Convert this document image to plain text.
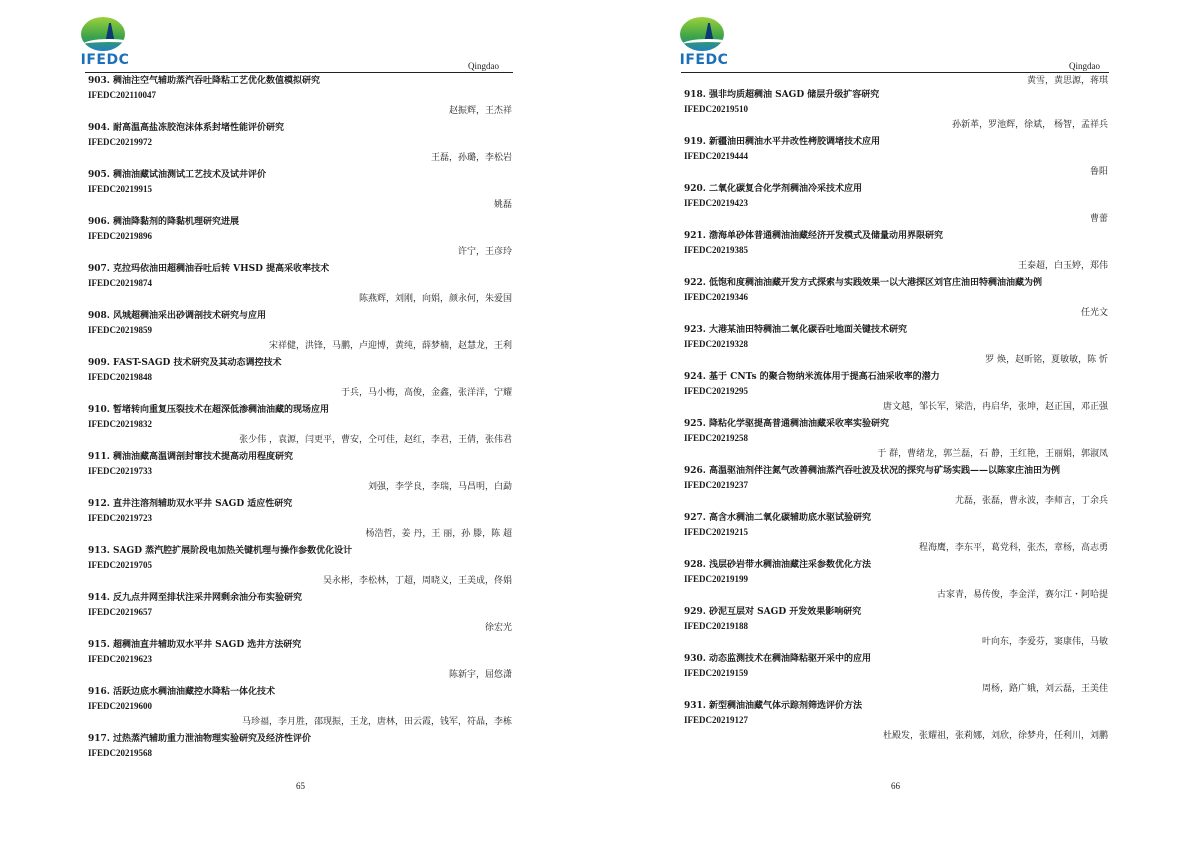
IFEDC	Qingdao
903. 稠油注空气辅助蒸汽吞吐降粘工艺优化数值模拟研究
IFEDC202110047
赵振辉，王杰祥
904. 耐高温高盐冻胶泡沫体系封堵性能评价研究
IFEDC20219972
王磊，孙璐，李松岩
905. 稠油油藏试油测试工艺技术及试井评价
IFEDC20219915
姚磊
906. 稠油降黏剂的降黏机理研究进展
IFEDC20219896
许宁，王彦玲
907. 克拉玛依油田超稠油吞吐后转 VHSD 提高采收率技术
IFEDC20219874
陈燕辉，刘刚，向娟，颜永何，朱爱国
908. 风城超稠油采出砂调剖技术研究与应用
IFEDC20219859
宋祥健，洪锋，马鹏，卢迎博，黄纯，薛梦楠，赵慧龙，王利
909. FAST-SAGD 技术研究及其动态调控技术
IFEDC20219848
于兵，马小梅，高俊，金鑫，张洋洋，宁耀
910. 暂堵转向重复压裂技术在超深低渗稠油油藏的现场应用
IFEDC20219832
张少伟 ，袁源，闫更平，曹安，仝可佳，赵红，李君，王倩，张伟君
911. 稠油油藏高温调剖封窜技术提高动用程度研究
IFEDC20219733
刘强，李学良，李瑞，马昌明，白勐
912. 直井注溶剂辅助双水平井 SAGD 适应性研究
IFEDC20219723
杨浩哲，姜 丹，王 丽，孙 滕，陈 超
913. SAGD 蒸汽腔扩展阶段电加热关键机理与操作参数优化设计
IFEDC20219705
吴永彬，李松林，丁超，周晓义，王美成，佟娟
914. 反九点井网至排状注采井网剩余油分布实验研究
IFEDC20219657
徐宏光
915. 超稠油直井辅助双水平井 SAGD 选井方法研究
IFEDC20219623
陈新宇，屈悠潇
916. 活跃边底水稠油油藏控水降粘一体化技术
IFEDC20219600
马珍福，李月胜，邵现振，王龙，唐林，田云霞，钱军，符晶，李栋
917. 过热蒸汽辅助重力泄油物理实验研究及经济性评价
IFEDC20219568
65
IFEDC	Qingdao
黄雪，黄思源，蒋琪
918. 强非均质超稠油 SAGD 储层升级扩容研究
IFEDC20219510
孙新革，罗池辉，徐斌， 杨智，孟祥兵
919. 新疆油田稠油水平井改性栲胶调堵技术应用
IFEDC20219444
鲁阳
920. 二氧化碳复合化学剂稠油冷采技术应用
IFEDC20219423
曹蕾
921. 渤海单砂体普通稠油油藏经济开发模式及储量动用界限研究
IFEDC20219385
王泰超，白玉婷，郑伟
922. 低饱和度稠油油藏开发方式探索与实践效果一以大港探区刘官庄油田特稠油油藏为例
IFEDC20219346
任光文
923. 大港某油田特稠油二氧化碳吞吐地面关键技术研究
IFEDC20219328
罗 焕，赵昕铭，夏敏敏，陈 忻
924. 基于 CNTs 的聚合物纳米流体用于提高石油采收率的潜力
IFEDC20219295
唐文越，邹长军，梁浩，冉启华，张坤，赵正国，邓正强
925. 降粘化学驱提高普通稠油油藏采收率实验研究
IFEDC20219258
于 群，曹绪龙，郭兰磊，石 静，王红艳，王丽娟，郭淑凤
926. 高温驱油剂伴注氮气改善稠油蒸汽吞吐波及状况的探究与矿场实践——以陈家庄油田为例
IFEDC20219237
尤磊，张磊，曹永波，李师言，丁余兵
927. 高含水稠油二氧化碳辅助底水驱试验研究
IFEDC20219215
程海鹰，李东平，葛党科，张杰，章杨，高志勇
928. 浅层砂岩带水稠油油藏注采参数优化方法
IFEDC20219199
古家青，易传俊，李金洋，赛尔江・阿哈提
929. 砂泥互层对 SAGD 开发效果影响研究
IFEDC20219188
叶向东，李爱芬，窦康伟，马敏
930. 动态监测技术在稠油降粘驱开采中的应用
IFEDC20219159
周杨，路广娥，刘云磊，王美佳
931. 新型稠油油藏气体示踪剂筛选评价方法
IFEDC20219127
杜殿发，张耀祖，张莉娜，刘欣，徐梦舟，任利川，刘鹏
66
